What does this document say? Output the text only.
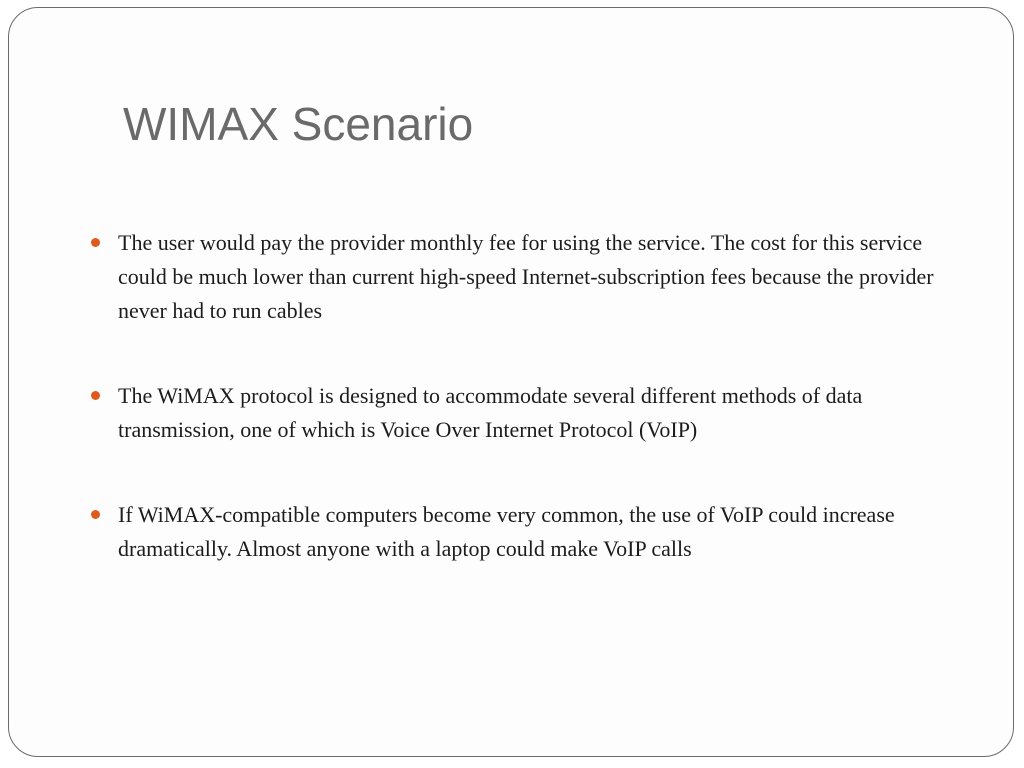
WIMAX Scenario
The user would pay the provider monthly fee for using the service. The cost for this service could be much lower than current high-speed Internet-subscription fees because the provider never had to run cables
The WiMAX protocol is designed to accommodate several different methods of data transmission, one of which is Voice Over Internet Protocol (VoIP)
If WiMAX-compatible computers become very common, the use of VoIP could increase dramatically. Almost anyone with a laptop could make VoIP calls
